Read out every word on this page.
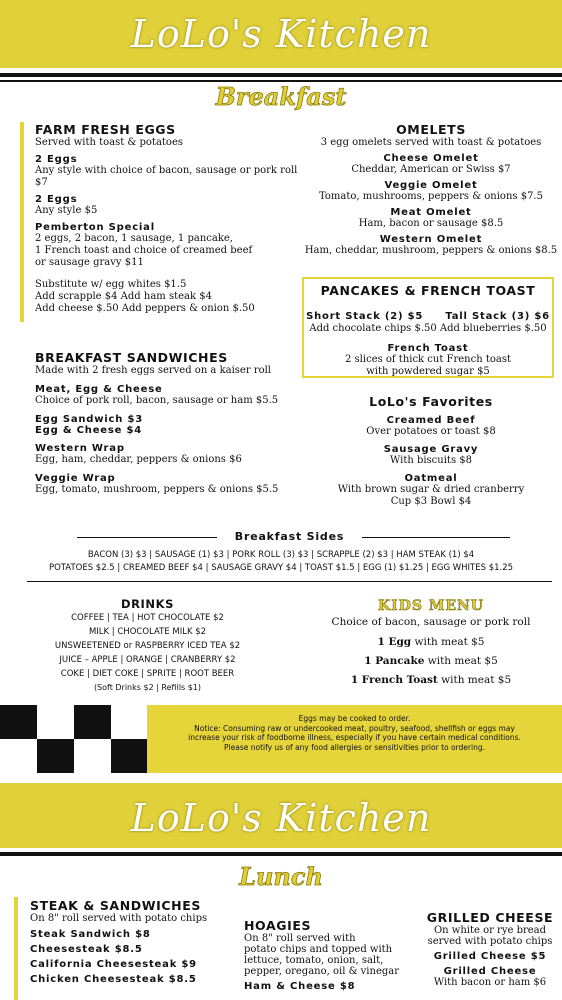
LoLo's Kitchen
Breakfast
FARM FRESH EGGS
Served with toast & potatoes
2 Eggs
Any style with choice of bacon, sausage or pork roll $7
2 Eggs
Any style $5
Pemberton Special
2 eggs, 2 bacon, 1 sausage, 1 pancake,
1 French toast and choice of creamed beef
or sausage gravy $11
Substitute w/ egg whites $1.5
Add scrapple $4 Add ham steak $4
Add cheese $.50 Add peppers & onion $.50
OMELETS
3 egg omelets served with toast & potatoes
Cheese Omelet
Cheddar, American or Swiss $7
Veggie Omelet
Tomato, mushrooms, peppers & onions $7.5
Meat Omelet
Ham, bacon or sausage $8.5
Western Omelet
Ham, cheddar, mushroom, peppers & onions $8.5
PANCAKES & FRENCH TOAST
Short Stack (2) $5 Tall Stack (3) $6
Add chocolate chips $.50 Add blueberries $.50
French Toast
2 slices of thick cut French toast
with powdered sugar $5
BREAKFAST SANDWICHES
Made with 2 fresh eggs served on a kaiser roll
Meat, Egg & Cheese
Choice of pork roll, bacon, sausage or ham $5.5
Egg Sandwich $3
Egg & Cheese $4
Western Wrap
Egg, ham, cheddar, peppers & onions $6
Veggie Wrap
Egg, tomato, mushroom, peppers & onions $5.5
LoLo's Favorites
Creamed Beef
Over potatoes or toast $8
Sausage Gravy
With biscuits $8
Oatmeal
With brown sugar & dried cranberry
Cup $3 Bowl $4
Breakfast Sides
BACON (3) $3 | SAUSAGE (1) $3 | PORK ROLL (3) $3 | SCRAPPLE (2) $3 | HAM STEAK (1) $4
POTATOES $2.5 | CREAMED BEEF $4 | SAUSAGE GRAVY $4 | TOAST $1.5 | EGG (1) $1.25 | EGG WHITES $1.25
DRINKS
COFFEE | TEA | HOT CHOCOLATE $2
MILK | CHOCOLATE MILK $2
UNSWEETENED or RASPBERRY ICED TEA $2
JUICE – APPLE | ORANGE | CRANBERRY $2
COKE | DIET COKE | SPRITE | ROOT BEER
(Soft Drinks $2 | Refills $1)
KIDS MENU
Choice of bacon, sausage or pork roll
1 Egg with meat $5
1 Pancake with meat $5
1 French Toast with meat $5
Eggs may be cooked to order.
Notice: Consuming raw or undercooked meat, poultry, seafood, shellfish or eggs may
increase your risk of foodborne illness, especially if you have certain medical conditions.
Please notify us of any food allergies or sensitivities prior to ordering.
LoLo's Kitchen
Lunch
STEAK & SANDWICHES
On 8" roll served with potato chips
Steak Sandwich $8
Cheesesteak $8.5
California Cheesesteak $9
Chicken Cheesesteak $8.5
HOAGIES
On 8" roll served with
potato chips and topped with
lettuce, tomato, onion, salt,
pepper, oregano, oil & vinegar
Ham & Cheese $8
GRILLED CHEESE
On white or rye bread
served with potato chips
Grilled Cheese $5
Grilled Cheese
With bacon or ham $6
